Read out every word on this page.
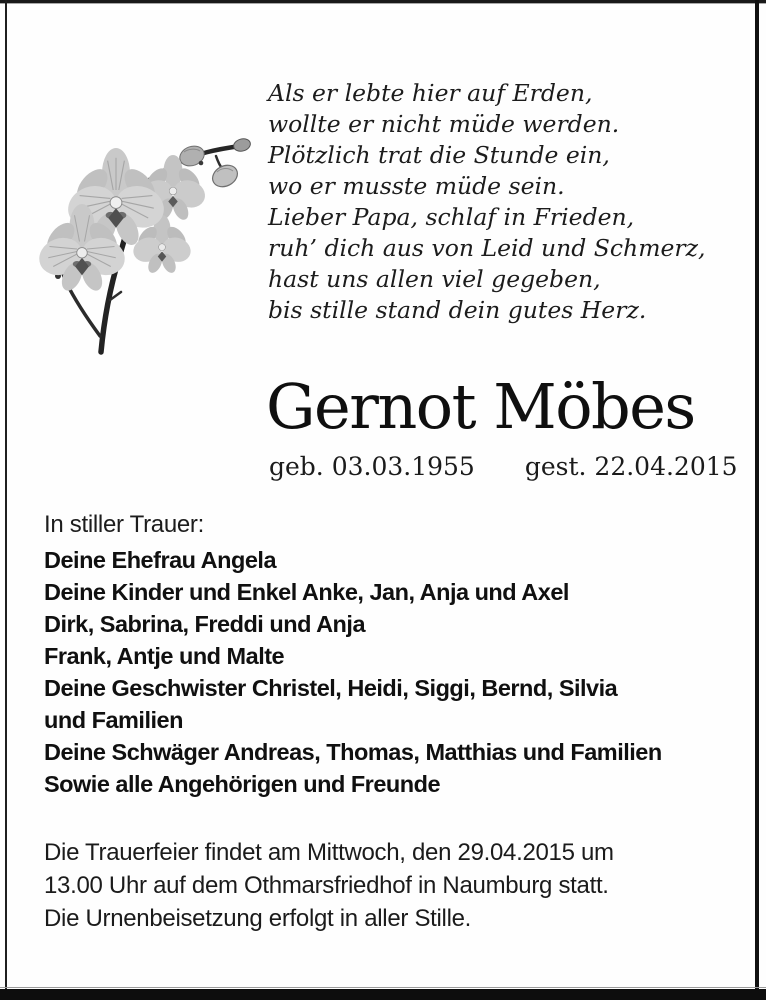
Als er lebte hier auf Erden,
wollte er nicht müde werden.
Plötzlich trat die Stunde ein,
wo er musste müde sein.
Lieber Papa, schlaf in Frieden,
ruh’ dich aus von Leid und Schmerz,
hast uns allen viel gegeben,
bis stille stand dein gutes Herz.
Gernot Möbes
geb. 03.03.1955 gest. 22.04.2015
In stiller Trauer:
Deine Ehefrau Angela
Deine Kinder und Enkel Anke, Jan, Anja und Axel
Dirk, Sabrina, Freddi und Anja
Frank, Antje und Malte
Deine Geschwister Christel, Heidi, Siggi, Bernd, Silvia
und Familien
Deine Schwäger Andreas, Thomas, Matthias und Familien
Sowie alle Angehörigen und Freunde
Die Trauerfeier findet am Mittwoch, den 29.04.2015 um
13.00 Uhr auf dem Othmarsfriedhof in Naumburg statt.
Die Urnenbeisetzung erfolgt in aller Stille.
